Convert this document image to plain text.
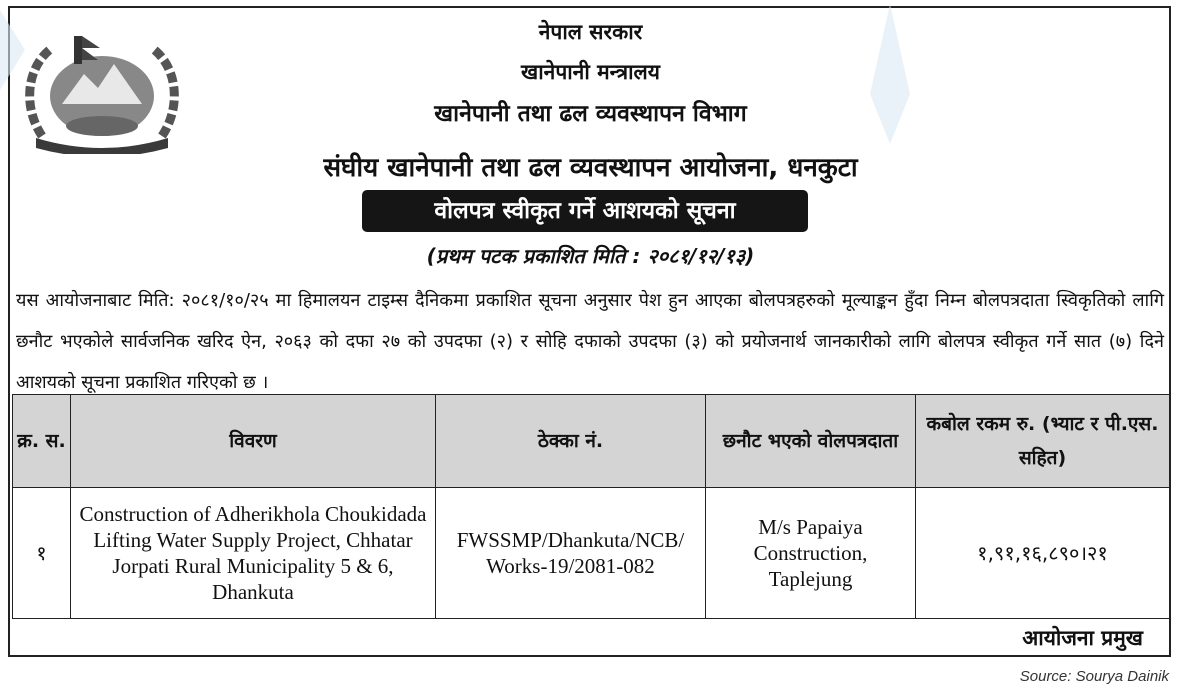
नेपाल सरकार
खानेपानी मन्त्रालय
खानेपानी तथा ढल व्यवस्थापन विभाग
संघीय खानेपानी तथा ढल व्यवस्थापन आयोजना, धनकुटा
वोलपत्र स्वीकृत गर्ने आशयको सूचना
(प्रथम पटक प्रकाशित मिति : २०८१/१२/१३)
यस आयोजनाबाट मिति: २०८१/१०/२५ मा हिमालयन टाइम्स दैनिकमा प्रकाशित सूचना अनुसार पेश हुन आएका बोलपत्रहरुको मूल्याङ्कन हुँदा निम्न बोलपत्रदाता स्विकृतिको लागि छनौट भएकोले सार्वजनिक खरिद ऐन, २०६३ को दफा २७ को उपदफा (२) र सोहि दफाको उपदफा (३) को प्रयोजनार्थ जानकारीको लागि बोलपत्र स्वीकृत गर्ने सात (७) दिने आशयको सूचना प्रकाशित गरिएको छ ।
क्र. स.	विवरण	ठेक्का नं.	छनौट भएको वोलपत्रदाता	कबोल रकम रु. (भ्याट र पी.एस. सहित)
१	Construction of Adherikhola Choukidada Lifting Water Supply Project, Chhatar Jorpati Rural Municipality 5 & 6, Dhankuta	FWSSMP/Dhankuta/NCB/ Works-19/2081-082	M/s Papaiya Construction, Taplejung	१,९१,१६,८९०।२१
आयोजना प्रमुख
Source: Sourya Dainik
